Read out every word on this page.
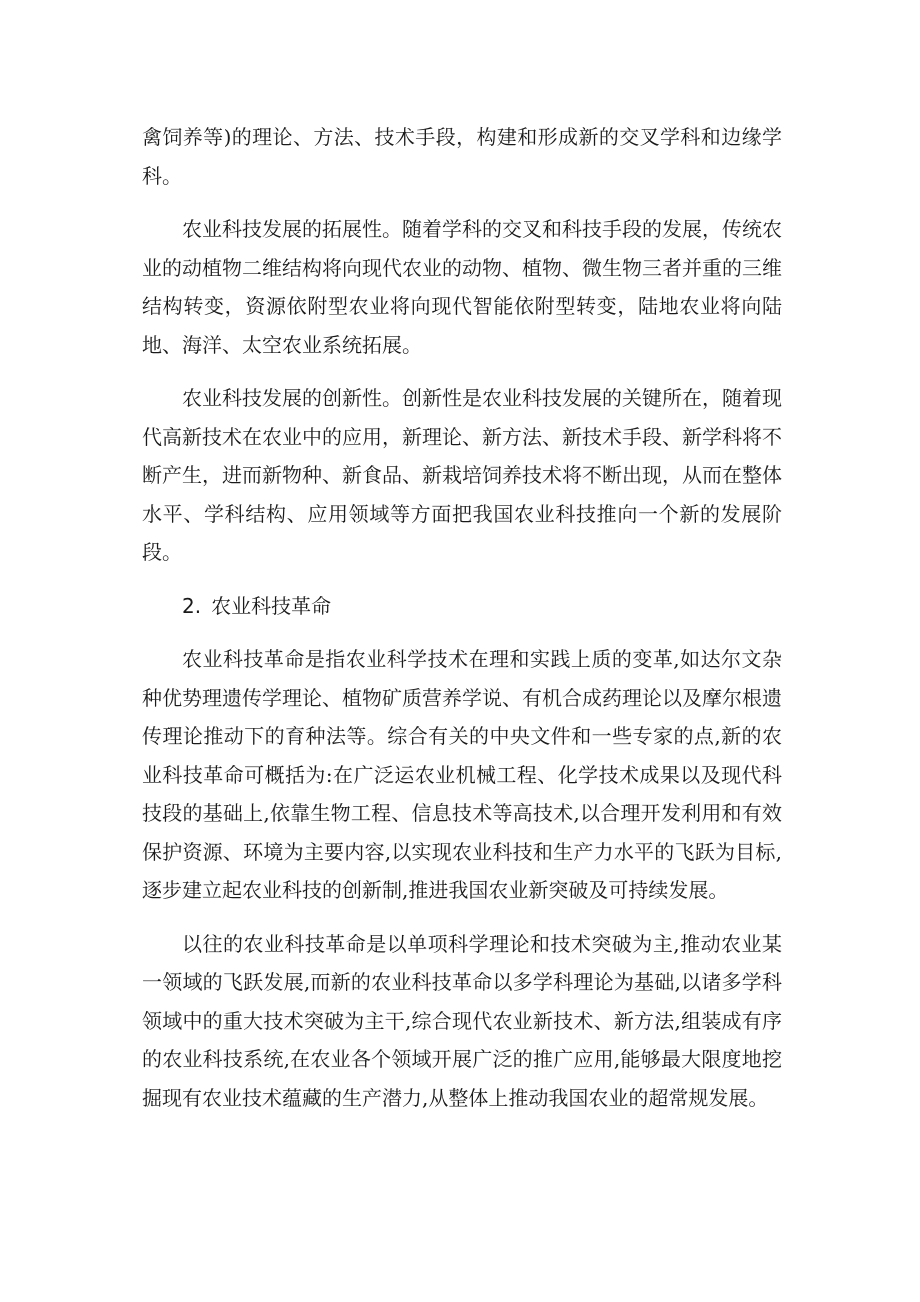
禽饲养等)的理论、方法、技术手段，构建和形成新的交叉学科和边缘学科。

农业科技发展的拓展性。随着学科的交叉和科技手段的发展，传统农业的动植物二维结构将向现代农业的动物、植物、微生物三者并重的三维结构转变，资源依附型农业将向现代智能依附型转变，陆地农业将向陆地、海洋、太空农业系统拓展。

农业科技发展的创新性。创新性是农业科技发展的关键所在，随着现代高新技术在农业中的应用，新理论、新方法、新技术手段、新学科将不断产生，进而新物种、新食品、新栽培饲养技术将不断出现，从而在整体水平、学科结构、应用领域等方面把我国农业科技推向一个新的发展阶段。

2. 农业科技革命

农业科技革命是指农业科学技术在理和实践上质的变革,如达尔文杂种优势理遗传学理论、植物矿质营养学说、有机合成药理论以及摩尔根遗传理论推动下的育种法等。综合有关的中央文件和一些专家的点,新的农业科技革命可概括为:在广泛运农业机械工程、化学技术成果以及现代科技段的基础上,依靠生物工程、信息技术等高技术,以合理开发利用和有效保护资源、环境为主要内容,以实现农业科技和生产力水平的飞跃为目标,逐步建立起农业科技的创新制,推进我国农业新突破及可持续发展。

以往的农业科技革命是以单项科学理论和技术突破为主,推动农业某一领域的飞跃发展,而新的农业科技革命以多学科理论为基础,以诸多学科领域中的重大技术突破为主干,综合现代农业新技术、新方法,组装成有序的农业科技系统,在农业各个领域开展广泛的推广应用,能够最大限度地挖掘现有农业技术蕴藏的生产潜力,从整体上推动我国农业的超常规发展。
